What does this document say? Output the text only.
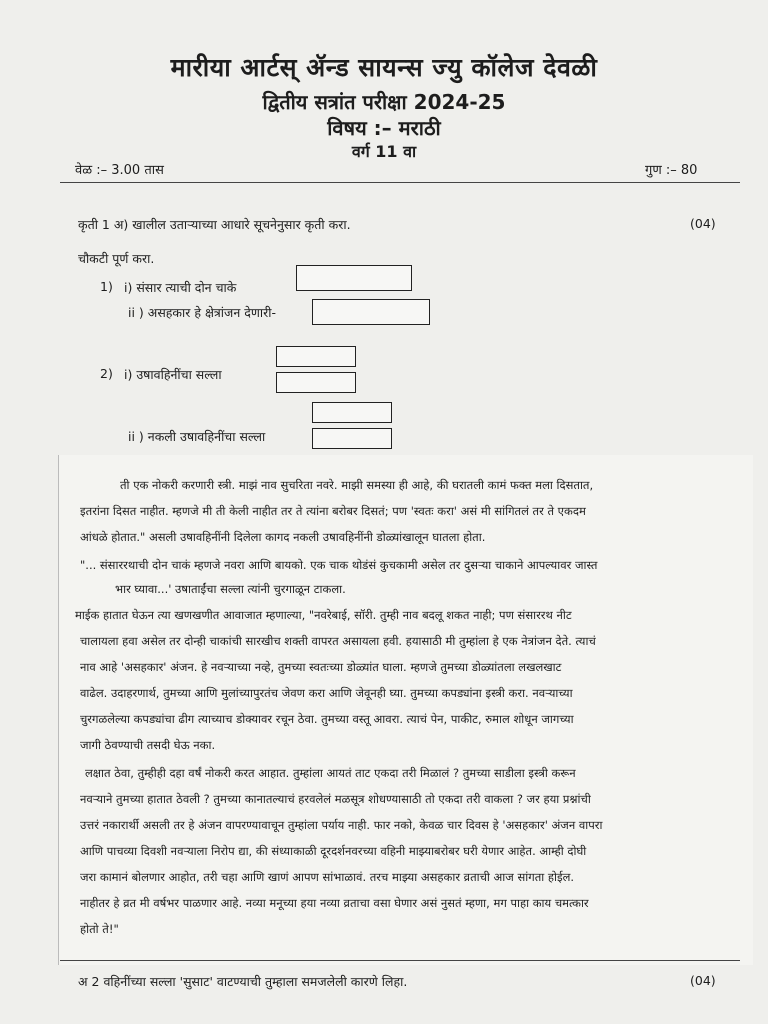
मारीया आर्टस् ॲन्ड सायन्स ज्यु कॉलेज देवळी
द्वितीय सत्रांत परीक्षा 2024-25
विषय :– मराठी
वर्ग 11 वा
वेळ :– 3.00 तास	गुण :– 80
कृती 1 अ) खालील उताऱ्याच्या आधारे सूचनेनुसार कृती करा.	(04)
चौकटी पूर्ण करा.
1) i) संसार त्याची दोन चाके
ii ) असहकार हे क्षेत्रांजन देणारी-
2) i) उषावहिनींचा सल्ला
ii ) नकली उषावहिनींचा सल्ला
ती एक नोकरी करणारी स्त्री. माझं नाव सुचरिता नवरे. माझी समस्या ही आहे, की घरातली कामं फक्त मला दिसतात,
इतरांना दिसत नाहीत. म्हणजे मी ती केली नाहीत तर ते त्यांना बरोबर दिसतं; पण 'स्वतः करा' असं मी सांगितलं तर ते एकदम
आंधळे होतात." असली उषावहिनींनी दिलेला कागद नकली उषावहिनींनी डोळ्यांखालून घातला होता.
"... संसाररथाची दोन चाकं म्हणजे नवरा आणि बायको. एक चाक थोडंसं कुचकामी असेल तर दुसऱ्या चाकाने आपल्यावर जास्त
भार घ्यावा...' उषाताईंचा सल्ला त्यांनी चुरगाळून टाकला.
माईक हातात घेऊन त्या खणखणीत आवाजात म्हणाल्या, "नवरेबाई, सॉरी. तुम्ही नाव बदलू शकत नाही; पण संसाररथ नीट
चालायला हवा असेल तर दोन्ही चाकांची सारखीच शक्ती वापरत असायला हवी. हयासाठी मी तुम्हांला हे एक नेत्रांजन देते. त्याचं
नाव आहे 'असहकार' अंजन. हे नवऱ्याच्या नव्हे, तुमच्या स्वतःच्या डोळ्यांत घाला. म्हणजे तुमच्या डोळ्यांतला लखलखाट
वाढेल. उदाहरणार्थ, तुमच्या आणि मुलांच्यापुरतंच जेवण करा आणि जेवूनही घ्या. तुमच्या कपड्यांना इस्त्री करा. नवऱ्याच्या
चुरगळलेल्या कपड्यांचा ढीग त्याच्याच डोक्यावर रचून ठेवा. तुमच्या वस्तू आवरा. त्याचं पेन, पाकीट, रुमाल शोधून जागच्या
जागी ठेवण्याची तसदी घेऊ नका.
लक्षात ठेवा, तुम्हीही दहा वर्षं नोकरी करत आहात. तुम्हांला आयतं ताट एकदा तरी मिळालं ? तुमच्या साडीला इस्त्री करून
नवऱ्याने तुमच्या हातात ठेवली ? तुमच्या कानातल्याचं हरवलेलं मळसूत्र शोधण्यासाठी तो एकदा तरी वाकला ? जर हया प्रश्नांची
उत्तरं नकारार्थी असली तर हे अंजन वापरण्यावाचून तुम्हांला पर्याय नाही. फार नको, केवळ चार दिवस हे 'असहकार' अंजन वापरा
आणि पाचव्या दिवशी नवऱ्याला निरोप द्या, की संध्याकाळी दूरदर्शनवरच्या वहिनी माझ्याबरोबर घरी येणार आहेत. आम्ही दोघी
जरा कामानं बोलणार आहोत, तरी चहा आणि खाणं आपण सांभाळावं. तरच माझ्या असहकार व्रताची आज सांगता होईल.
नाहीतर हे व्रत मी वर्षभर पाळणार आहे. नव्या मनूच्या हया नव्या व्रताचा वसा घेणार असं नुसतं म्हणा, मग पाहा काय चमत्कार
होतो ते!"
अ 2 वहिनींच्या सल्ला 'सुसाट' वाटण्याची तुम्हाला समजलेली कारणे लिहा.	(04)
